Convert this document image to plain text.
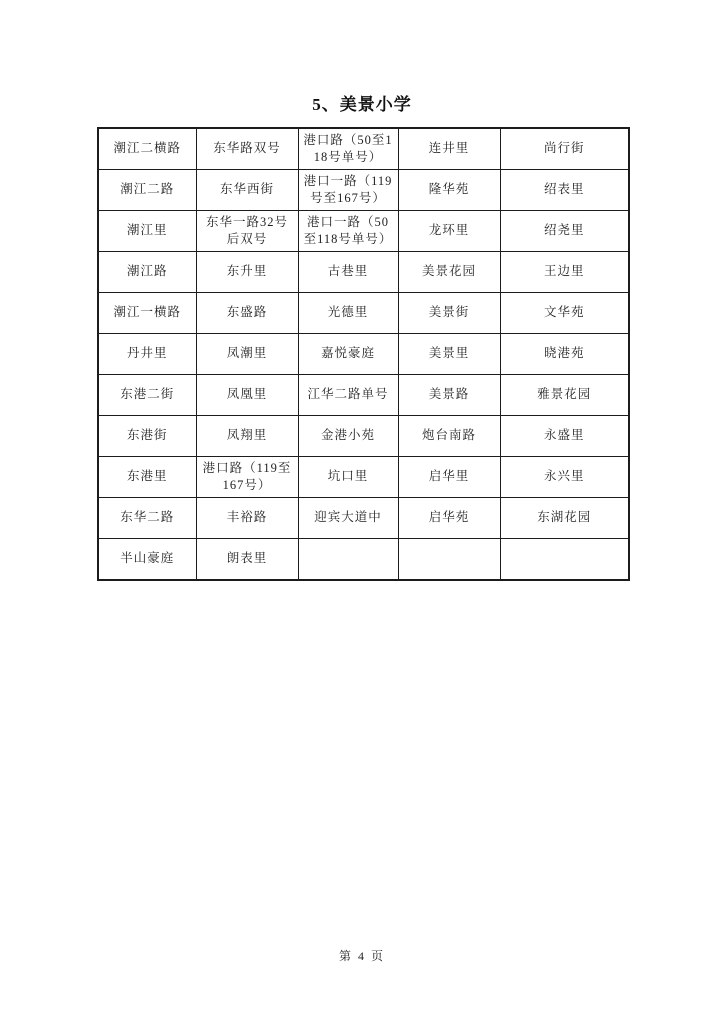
5、美景小学
潮江二横路	东华路双号	港口路（50至118号单号）	连井里	尚行街
潮江二路	东华西街	港口一路（119号至167号）	隆华苑	绍表里
潮江里	东华一路32号后双号	港口一路（50至118号单号）	龙环里	绍尧里
潮江路	东升里	古巷里	美景花园	王边里
潮江一横路	东盛路	光德里	美景街	文华苑
丹井里	凤潮里	嘉悦豪庭	美景里	晓港苑
东港二街	凤凰里	江华二路单号	美景路	雅景花园
东港街	凤翔里	金港小苑	炮台南路	永盛里
东港里	港口路（119至167号）	坑口里	启华里	永兴里
东华二路	丰裕路	迎宾大道中	启华苑	东湖花园
半山豪庭	朗表里			
第 4 页
